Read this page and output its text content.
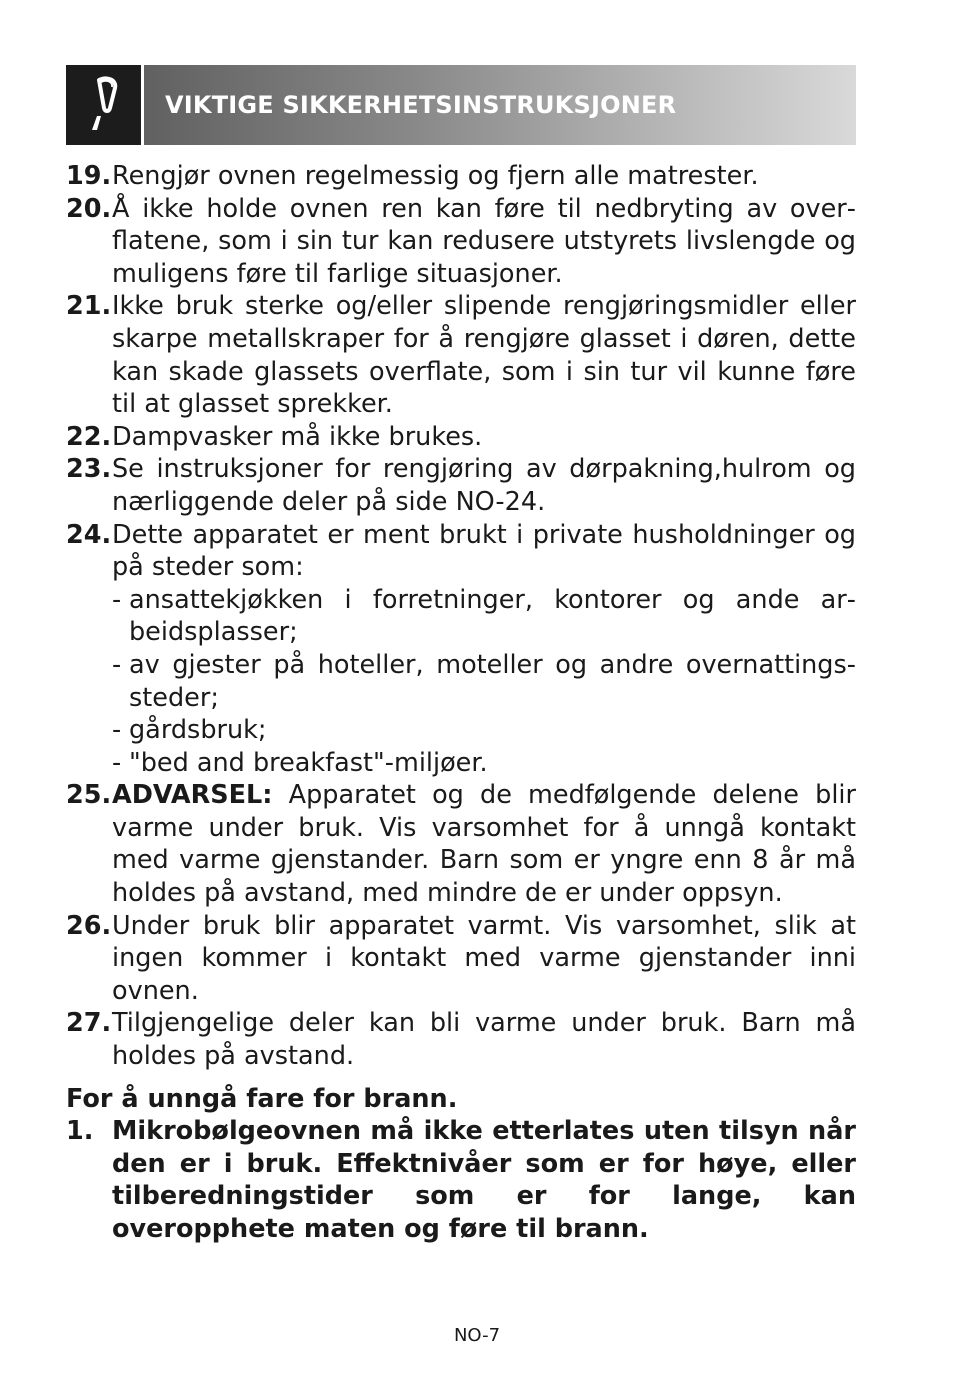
VIKTIGE SIKKERHETSINSTRUKSJONER
19. Rengjør ovnen regelmessig og fjern alle matrester.
20. Å ikke holde ovnen ren kan føre til nedbryting av overflatene, som i sin tur kan redusere utstyrets livslengde og muligens føre til farlige situasjoner.
21. Ikke bruk sterke og/eller slipende rengjøringsmidler eller skarpe metallskraper for å rengjøre glasset i døren, dette kan skade glassets overflate, som i sin tur vil kunne føre til at glasset sprekker.
22. Dampvasker må ikke brukes.
23. Se instruksjoner for rengjøring av dørpakning,hulrom og nærliggende deler på side NO-24.
24. Dette apparatet er ment brukt i private husholdninger og på steder som:
- ansattekjøkken i forretninger, kontorer og ande arbeidsplasser;
- av gjester på hoteller, moteller og andre overnattingssteder;
- gårdsbruk;
- "bed and breakfast"-miljøer.
25. ADVARSEL: Apparatet og de medfølgende delene blir varme under bruk. Vis varsomhet for å unngå kontakt med varme gjenstander. Barn som er yngre enn 8 år må holdes på avstand, med mindre de er under oppsyn.
26. Under bruk blir apparatet varmt. Vis varsomhet, slik at ingen kommer i kontakt med varme gjenstander inni ovnen.
27. Tilgjengelige deler kan bli varme under bruk. Barn må holdes på avstand.
For å unngå fare for brann.
1. Mikrobølgeovnen må ikke etterlates uten tilsyn når den er i bruk. Effektnivåer som er for høye, eller tilberedningstider som er for lange, kan overopphete maten og føre til brann.
NO-7
